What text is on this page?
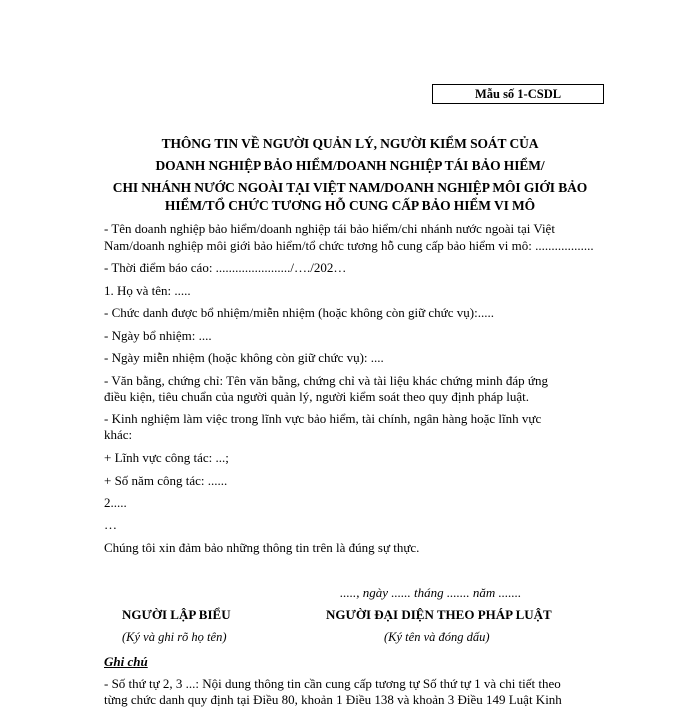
Mẫu số 1-CSDL
THÔNG TIN VỀ NGƯỜI QUẢN LÝ, NGƯỜI KIỂM SOÁT CỦA
DOANH NGHIỆP BẢO HIỂM/DOANH NGHIỆP TÁI BẢO HIỂM/
CHI NHÁNH NƯỚC NGOÀI TẠI VIỆT NAM/DOANH NGHIỆP MÔI GIỚI BẢO
HIỂM/TỔ CHỨC TƯƠNG HỖ CUNG CẤP BẢO HIỂM VI MÔ
- Tên doanh nghiệp bảo hiểm/doanh nghiệp tái bảo hiểm/chi nhánh nước ngoài tại Việt
Nam/doanh nghiệp môi giới bảo hiểm/tổ chức tương hỗ cung cấp bảo hiểm vi mô: ..................
- Thời điểm báo cáo: ......................./…./202…
1. Họ và tên: .....
- Chức danh được bổ nhiệm/miễn nhiệm (hoặc không còn giữ chức vụ):.....
- Ngày bổ nhiệm: ....
- Ngày miễn nhiệm (hoặc không còn giữ chức vụ): ....
- Văn bằng, chứng chỉ: Tên văn bằng, chứng chỉ và tài liệu khác chứng minh đáp ứng
điều kiện, tiêu chuẩn của người quản lý, người kiểm soát theo quy định pháp luật.
- Kinh nghiệm làm việc trong lĩnh vực bảo hiểm, tài chính, ngân hàng hoặc lĩnh vực
khác:
+ Lĩnh vực công tác: ...;
+ Số năm công tác: ......
2.....
…
Chúng tôi xin đảm bảo những thông tin trên là đúng sự thực.
....., ngày ...... tháng ....... năm .......
NGƯỜI LẬP BIỂU
(Ký và ghi rõ họ tên)
NGƯỜI ĐẠI DIỆN THEO PHÁP LUẬT
(Ký tên và đóng dấu)
Ghi chú
- Số thứ tự 2, 3 ...: Nội dung thông tin cần cung cấp tương tự Số thứ tự 1 và chi tiết theo
từng chức danh quy định tại Điều 80, khoản 1 Điều 138 và khoản 3 Điều 149 Luật Kinh
